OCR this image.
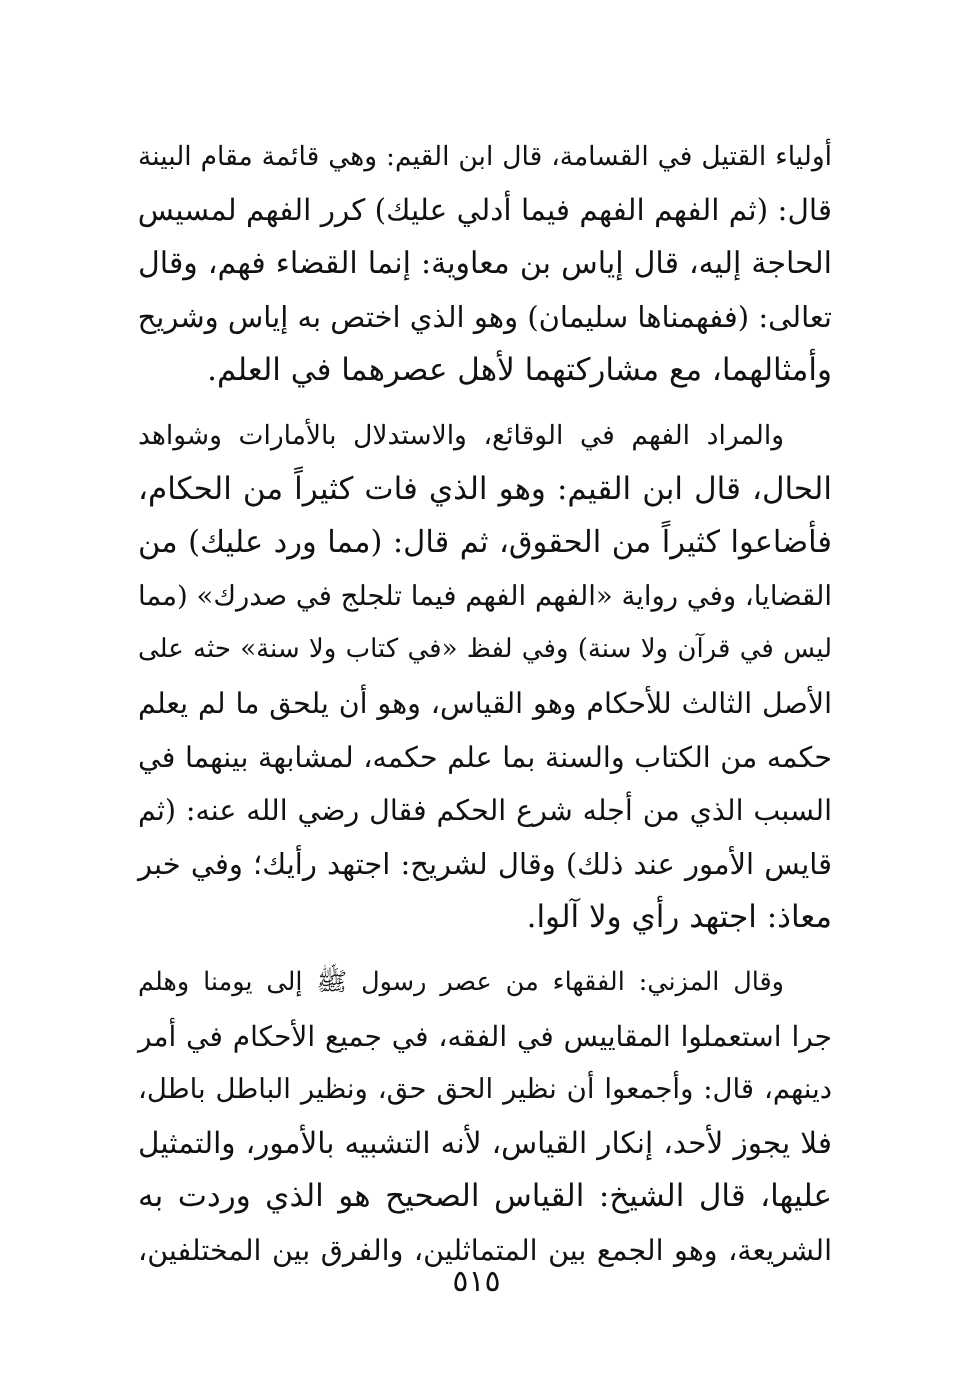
أولياء القتيل في القسامة، قال ابن القيم: وهي قائمة مقام البينة
قال: (ثم الفهم الفهم فيما أدلي عليك) كرر الفهم لمسيس
الحاجة إليه، قال إياس بن معاوية: إنما القضاء فهم، وقال
تعالى: (ففهمناها سليمان) وهو الذي اختص به إياس وشريح
وأمثالهما، مع مشاركتهما لأهل عصرهما في العلم.

والمراد الفهم في الوقائع، والاستدلال بالأمارات وشواهد
الحال، قال ابن القيم: وهو الذي فات كثيراً من الحكام،
فأضاعوا كثيراً من الحقوق، ثم قال: (مما ورد عليك) من
القضايا، وفي رواية «الفهم الفهم فيما تلجلج في صدرك» (مما
ليس في قرآن ولا سنة) وفي لفظ «في كتاب ولا سنة» حثه على
الأصل الثالث للأحكام وهو القياس، وهو أن يلحق ما لم يعلم
حكمه من الكتاب والسنة بما علم حكمه، لمشابهة بينهما في
السبب الذي من أجله شرع الحكم فقال رضي الله عنه: (ثم
قايس الأمور عند ذلك) وقال لشريح: اجتهد رأيك؛ وفي خبر
معاذ: اجتهد رأي ولا آلوا.

وقال المزني: الفقهاء من عصر رسول ﷺ إلى يومنا وهلم
جرا استعملوا المقاييس في الفقه، في جميع الأحكام في أمر
دينهم، قال: وأجمعوا أن نظير الحق حق، ونظير الباطل باطل،
فلا يجوز لأحد، إنكار القياس، لأنه التشبيه بالأمور، والتمثيل
عليها، قال الشيخ: القياس الصحيح هو الذي وردت به
الشريعة، وهو الجمع بين المتماثلين، والفرق بين المختلفين،

٥١٥
